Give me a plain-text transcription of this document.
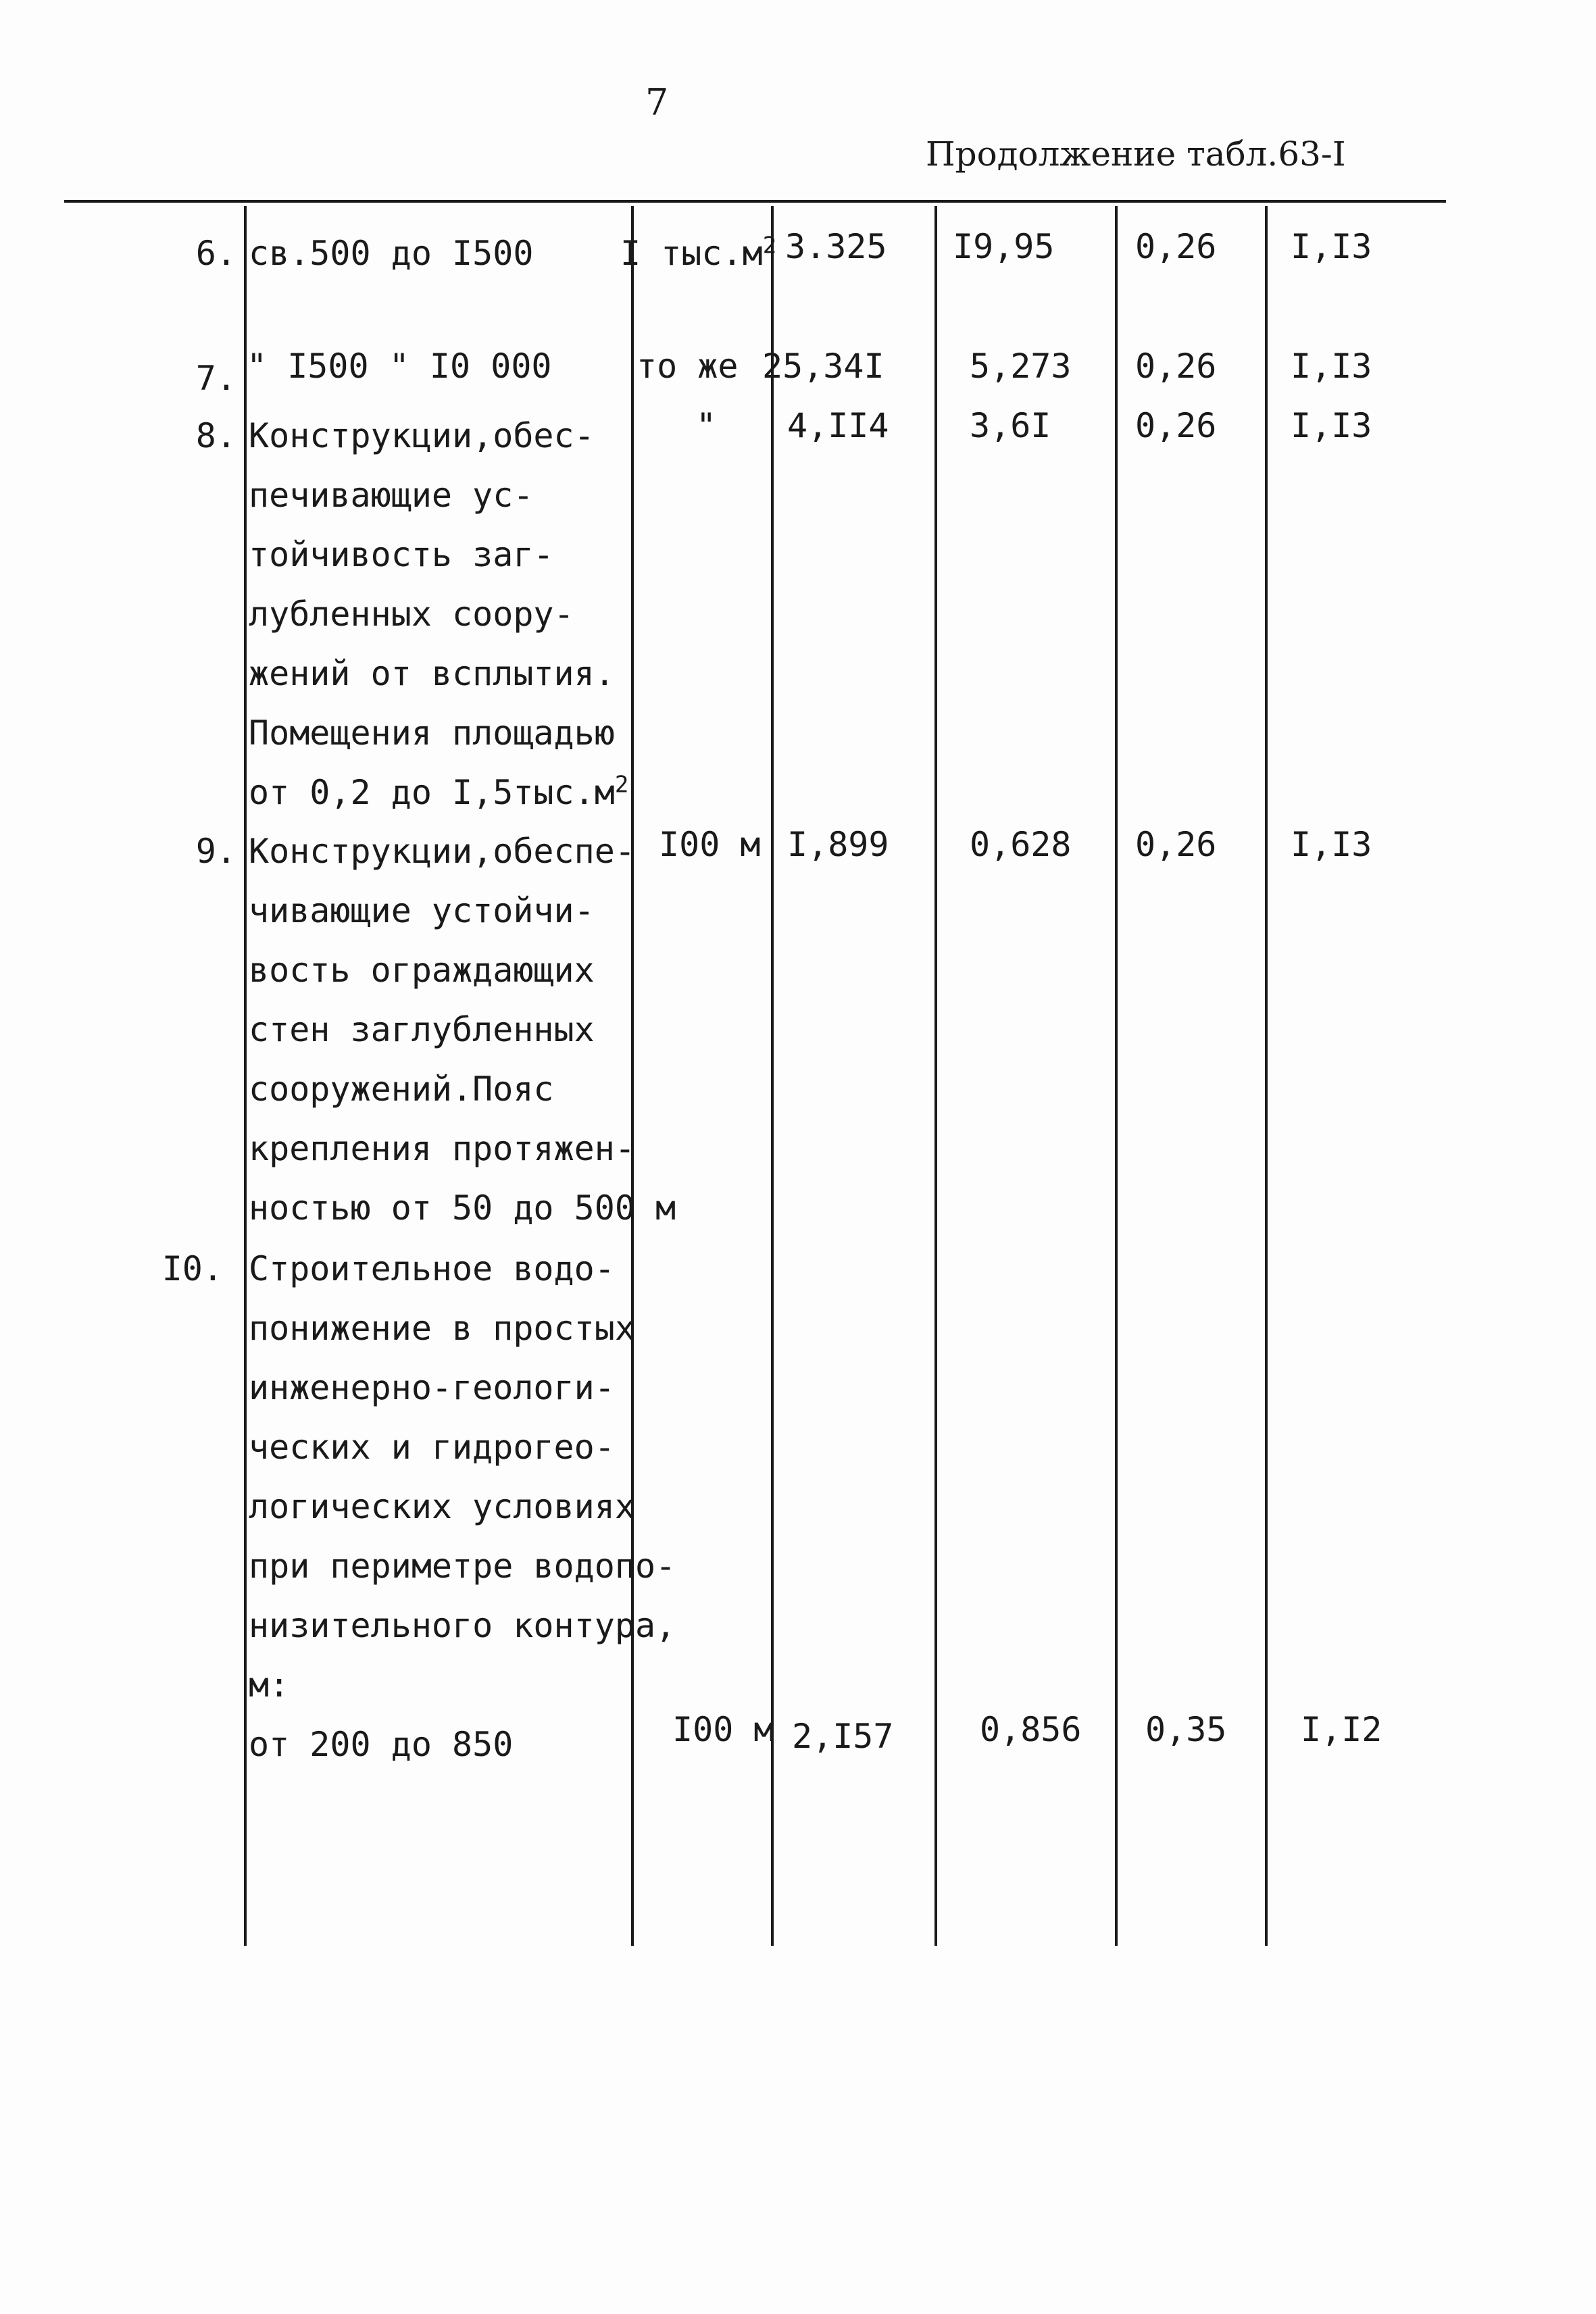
7
Продолжение табл.63-I
6. св.500 до I500	I $тыс.м^2$ 3.325 I9,95 0,26 I,I3
7. " I500 " I0 000	то же 25,34I	5,273 0,26 I,I3
8. Конструкции,обес-
печивающие ус-
тойчивость заг-
лубленных соору-
жений от всплытия.
Помещения площадью
от 0,2 до $I,5тыс.м^2$
" 4,II4 3,6I 0,26 I,I3
9. Конструкции,обеспе-
чивающие устойчи-
вость ограждающих
стен заглубленных
сооружений.Пояс
крепления протяжен-
ностью от 50 до 500 м
I00 м I,899 0,628 0,26 I,I3
I0. Строительное водо-
понижение в простых
инженерно-геологи-
ческих и гидрогео-
логических условиях
при периметре водопо-
низительного контура,
м:
от 200 до 850	I00 м 2,I57	0,856 0,35 I,I2
